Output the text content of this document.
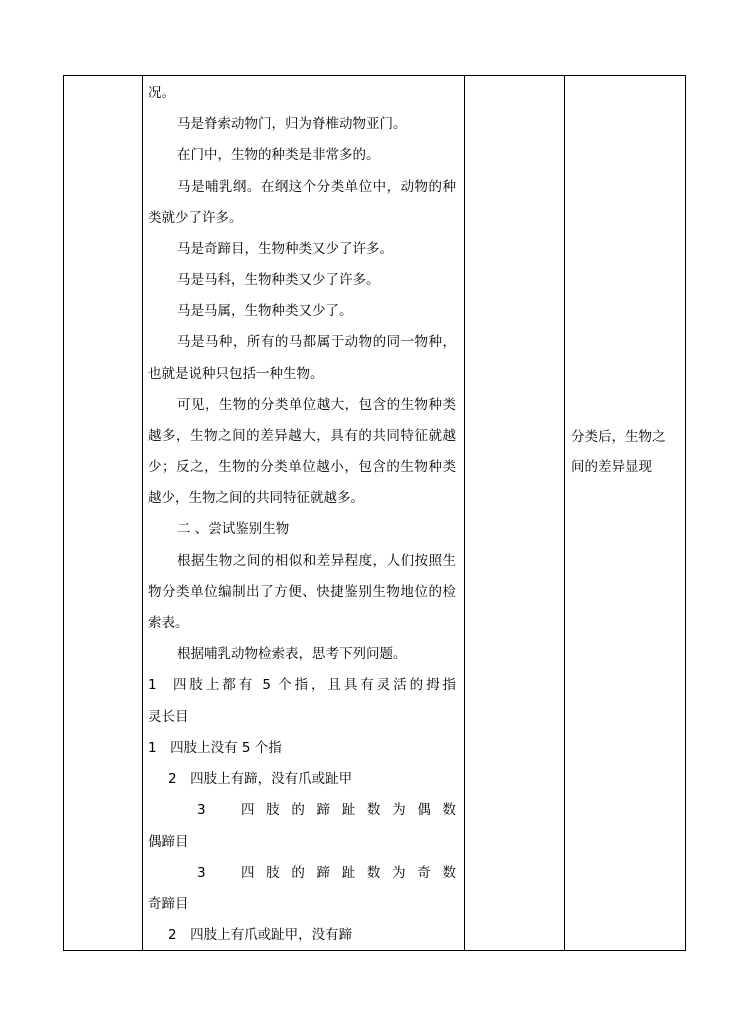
况。
马是脊索动物门，归为脊椎动物亚门。
在门中，生物的种类是非常多的。
马是哺乳纲。在纲这个分类单位中，动物的种
类就少了许多。
马是奇蹄目，生物种类又少了许多。
马是马科，生物种类又少了许多。
马是马属，生物种类又少了。
马是马种，所有的马都属于动物的同一物种，
也就是说种只包括一种生物。
可见，生物的分类单位越大，包含的生物种类
越多，生物之间的差异越大，具有的共同特征就越
少；反之，生物的分类单位越小，包含的生物种类
越少，生物之间的共同特征就越多。
二 、尝试鉴别生物
根据生物之间的相似和差异程度，人们按照生
物分类单位编制出了方便、快捷鉴别生物地位的检
索表。
根据哺乳动物检索表，思考下列问题。
1 四肢上都有 5 个指，且具有灵活的拇指
灵长目
1　四肢上没有 5 个指
2　四肢上有蹄，没有爪或趾甲
3	四肢的蹄趾数为偶数
偶蹄目
3	四肢的蹄趾数为奇数
奇蹄目
2　四肢上有爪或趾甲，没有蹄

分类后，生物之
间的差异显现
